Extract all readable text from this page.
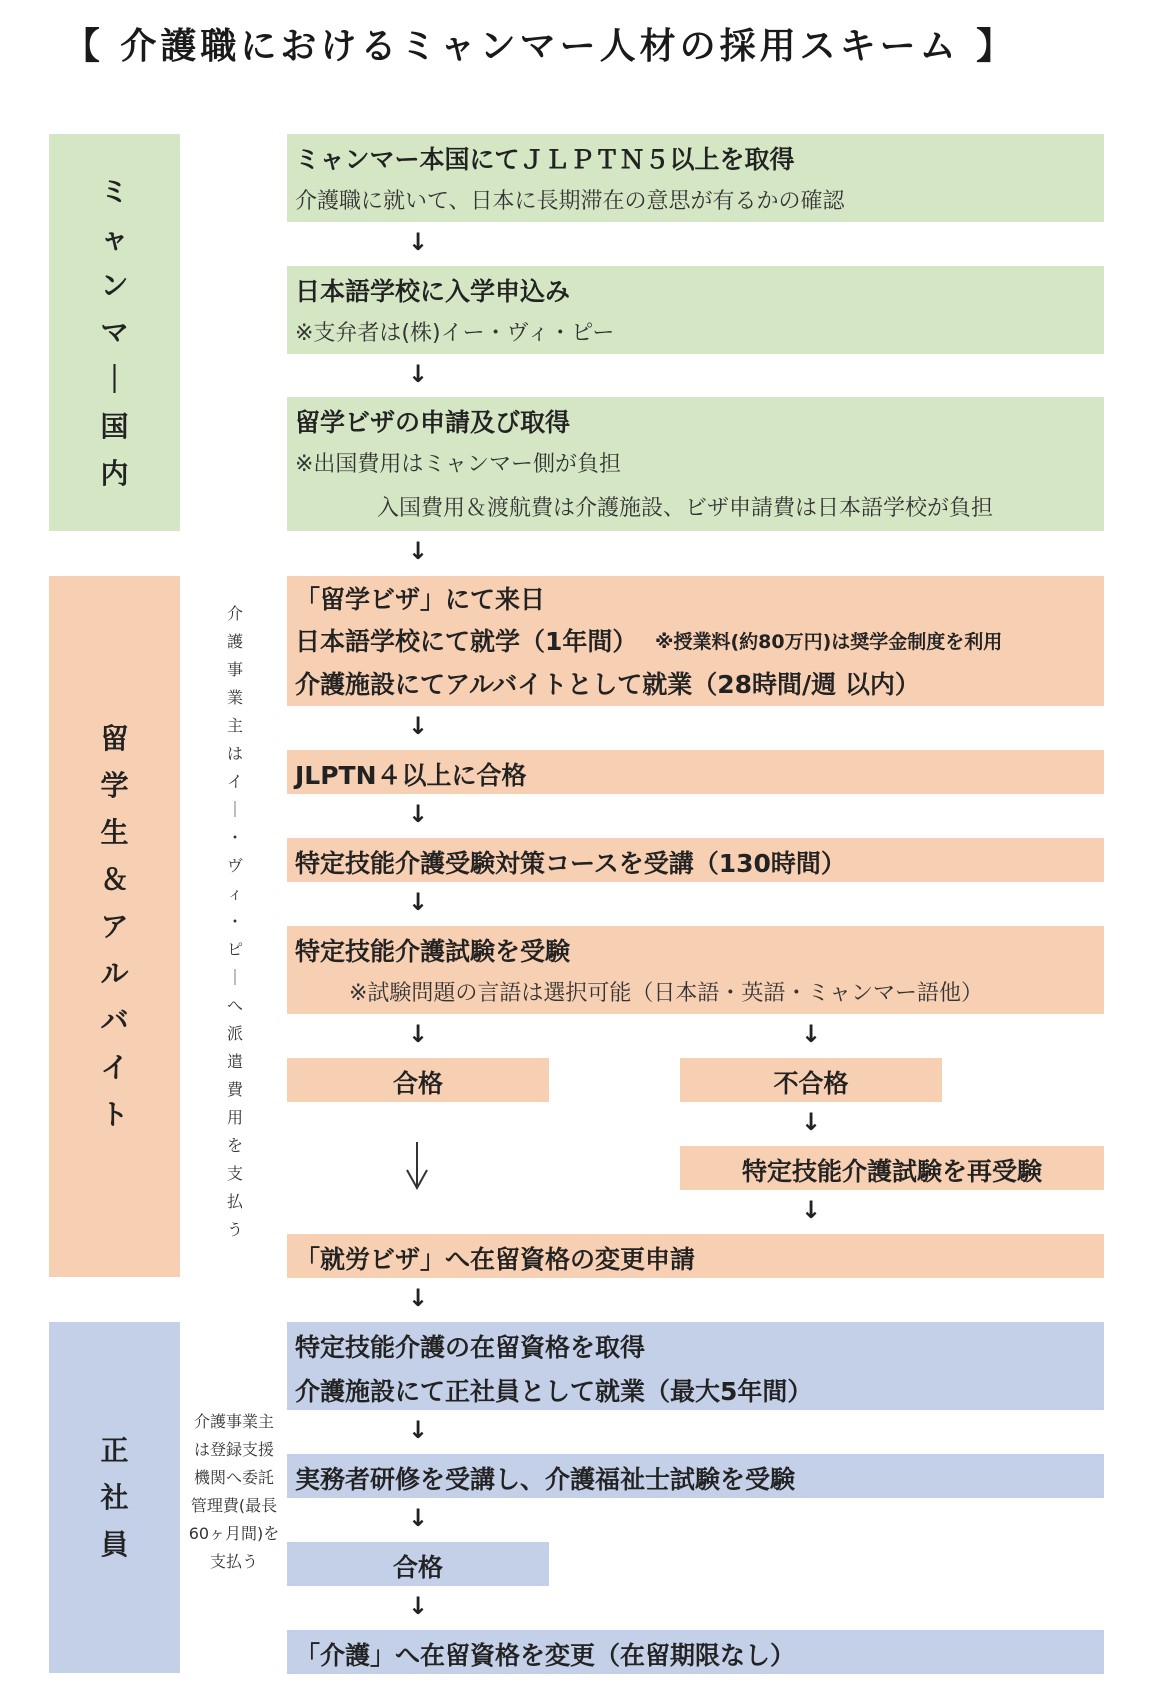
【 介護職におけるミャンマー人材の採用スキーム 】
ミ
ャ
ン
マ
｜
国
内
留
学
生
＆
ア
ル
バ
イ
ト
正
社
員
介
護
事
業
主
は
イ
｜
・
ヴ
ィ
・
ピ
｜
へ
派
遣
費
用
を
支
払
う
介護事業主
は登録支援
機関へ委託
管理費(最長
60ヶ月間)を
支払う
ミャンマー本国にてＪＬＰＴＮ５以上を取得
介護職に就いて、日本に長期滞在の意思が有るかの確認
↓
日本語学校に入学申込み
※支弁者は(株)イー・ヴィ・ピー
↓
留学ビザの申請及び取得
※出国費用はミャンマー側が負担
入国費用＆渡航費は介護施設、ビザ申請費は日本語学校が負担
↓
「留学ビザ」にて来日
日本語学校にて就学（1年間） ※授業料(約80万円)は奨学金制度を利用
介護施設にてアルバイトとして就業（28時間/週 以内）
↓
JLPTN４以上に合格
↓
特定技能介護受験対策コースを受講（130時間）
↓
特定技能介護試験を受験
※試験問題の言語は選択可能（日本語・英語・ミャンマー語他）
↓	↓
合格	不合格
↓
特定技能介護試験を再受験
↓
「就労ビザ」へ在留資格の変更申請
↓
特定技能介護の在留資格を取得
介護施設にて正社員として就業（最大5年間）
↓
実務者研修を受講し、介護福祉士試験を受験
↓
合格
↓
「介護」へ在留資格を変更（在留期限なし）
